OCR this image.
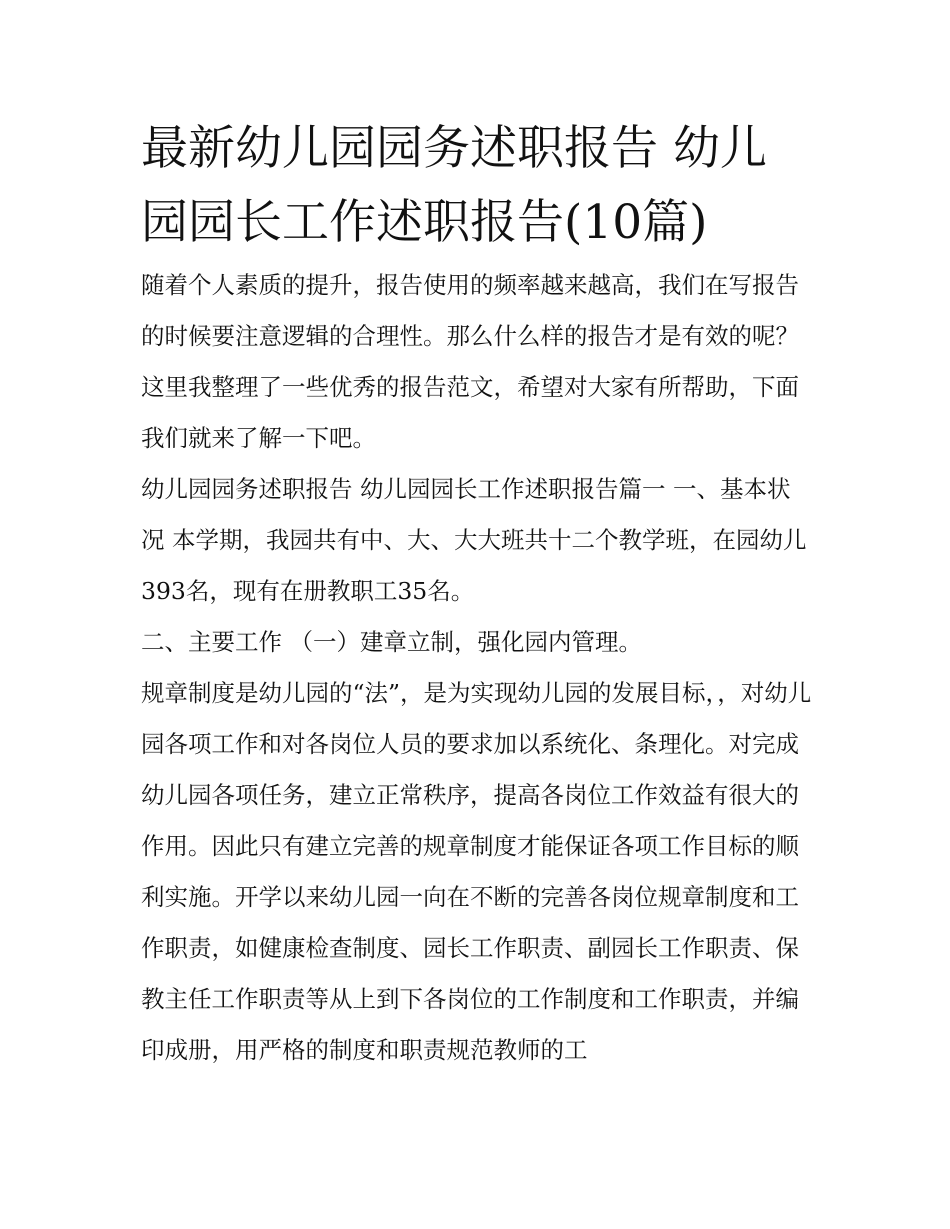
最新幼儿园园务述职报告 幼儿园园长工作述职报告(10篇)

随着个人素质的提升，报告使用的频率越来越高，我们在写报告的时候要注意逻辑的合理性。那么什么样的报告才是有效的呢？这里我整理了一些优秀的报告范文，希望对大家有所帮助，下面我们就来了解一下吧。

幼儿园园务述职报告 幼儿园园长工作述职报告篇一 一、基本状况 本学期，我园共有中、大、大大班共十二个教学班，在园幼儿393名，现有在册教职工35名。

二、主要工作 （一）建章立制，强化园内管理。

规章制度是幼儿园的“法”，是为实现幼儿园的发展目标，，对幼儿园各项工作和对各岗位人员的要求加以系统化、条理化。对完成幼儿园各项任务，建立正常秩序，提高各岗位工作效益有很大的作用。因此只有建立完善的规章制度才能保证各项工作目标的顺利实施。开学以来幼儿园一向在不断的完善各岗位规章制度和工作职责，如健康检查制度、园长工作职责、副园长工作职责、保教主任工作职责等从上到下各岗位的工作制度和工作职责，并编印成册，用严格的制度和职责规范教师的工
